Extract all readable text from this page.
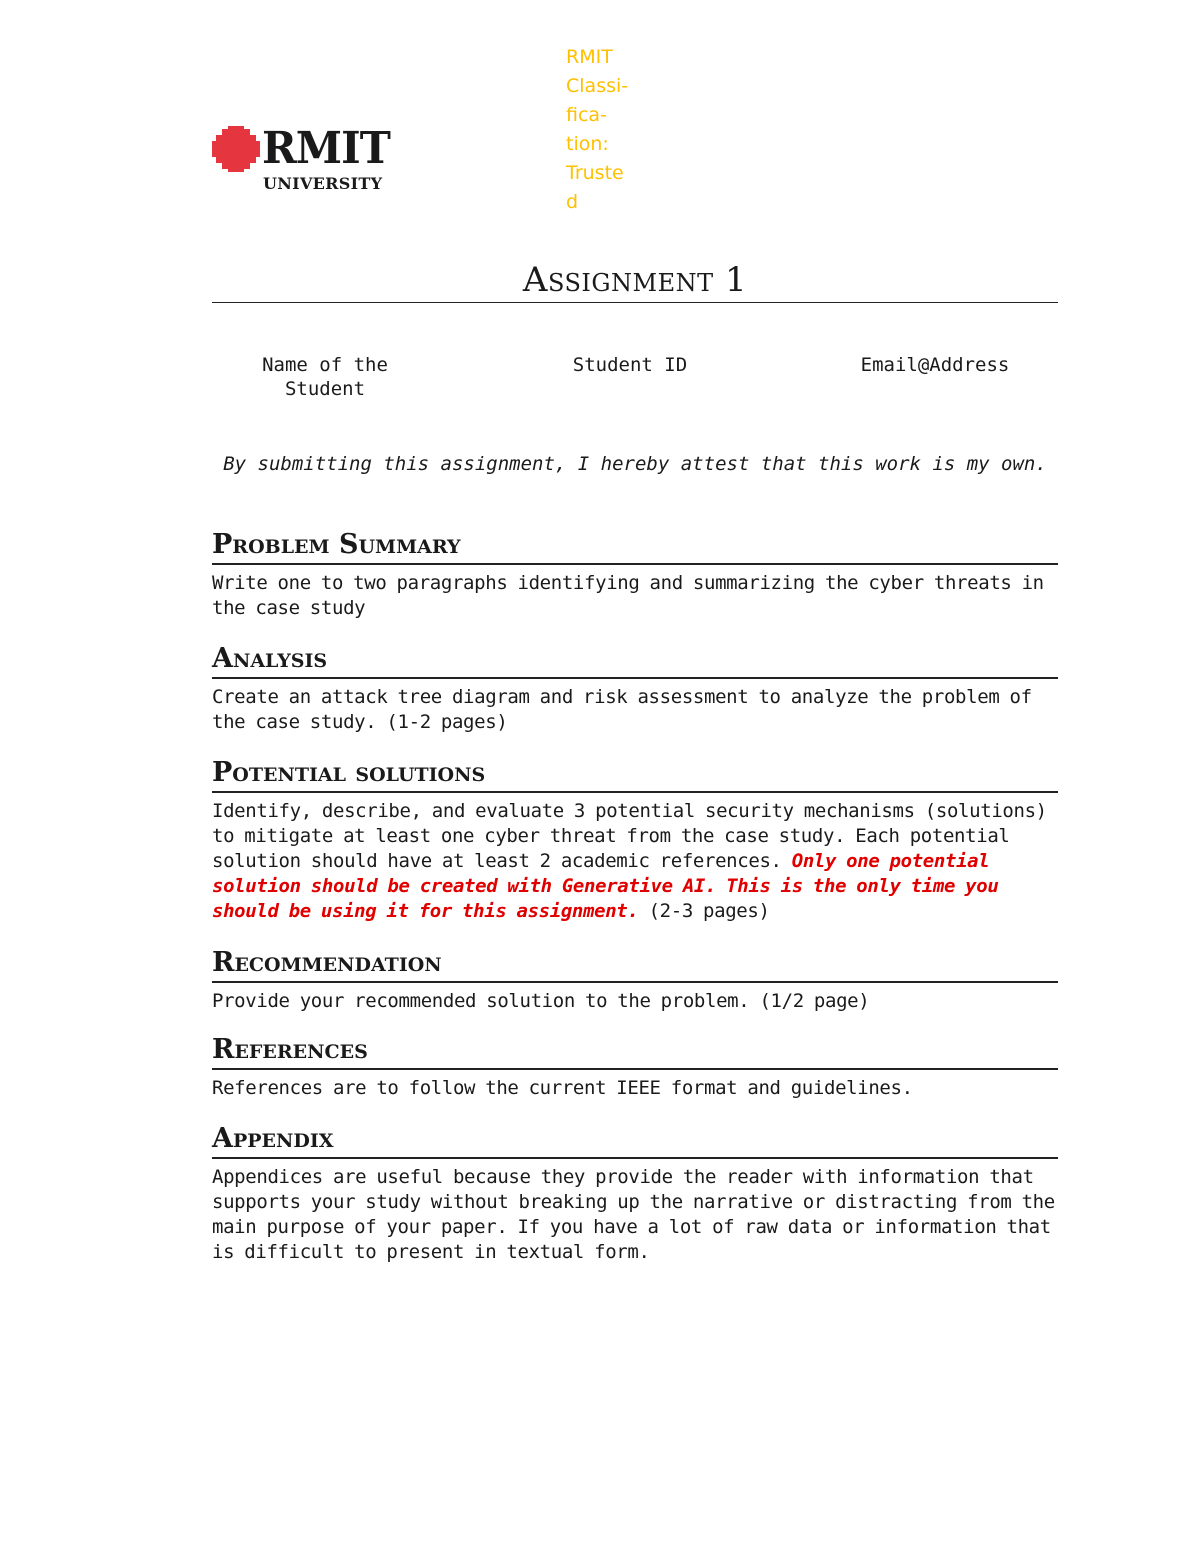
RMIT
UNIVERSITY
RMIT
Classi-
fica-
tion:
Truste
d
Assignment 1
Name of the
Student
Student ID	Email@Address
By submitting this assignment, I hereby attest that this work is my own.
Problem Summary

Write one to two paragraphs identifying and summarizing the cyber threats in the case study

Analysis

Create an attack tree diagram and risk assessment to analyze the problem of the case study. (1-2 pages)

Potential solutions

Identify, describe, and evaluate 3 potential security mechanisms (solutions) to mitigate at least one cyber threat from the case study. Each potential solution should have at least 2 academic references. Only one potential solution should be created with Generative AI. This is the only time you should be using it for this assignment. (2-3 pages)

Recommendation

Provide your recommended solution to the problem. (1/2 page)

References

References are to follow the current IEEE format and guidelines.

Appendix

Appendices are useful because they provide the reader with information that supports your study without breaking up the narrative or distracting from the main purpose of your paper. If you have a lot of raw data or information that is difficult to present in textual form.
